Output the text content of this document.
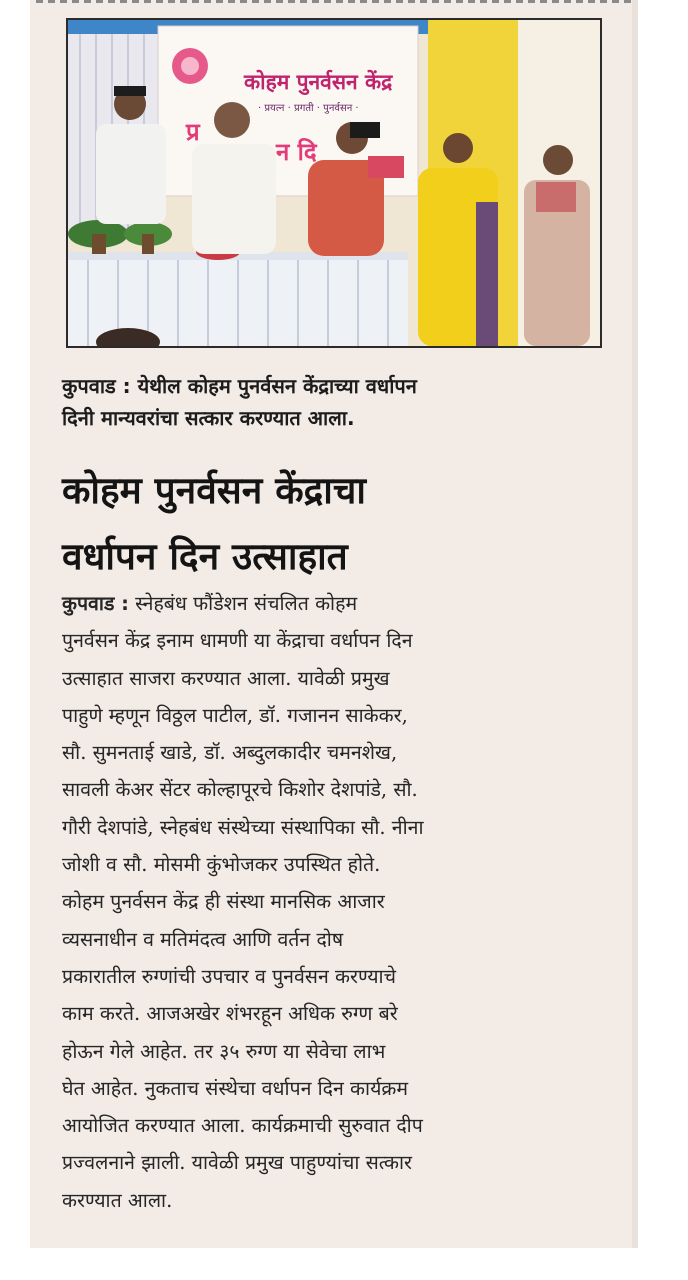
प्र
न दि
कोहम पुनर्वसन केंद्र
· प्रयत्न · प्रगती · पुनर्वसन ·
कुपवाड : येथील कोहम पुनर्वसन केंद्राच्या वर्धापन
दिनी मान्यवरांचा सत्कार करण्यात आला.
कोहम पुनर्वसन केंद्राचा
वर्धापन दिन उत्साहात
कुपवाड : स्नेहबंध फौंडेशन संचलित कोहम
पुनर्वसन केंद्र इनाम धामणी या केंद्राचा वर्धापन दिन
उत्साहात साजरा करण्यात आला. यावेळी प्रमुख
पाहुणे म्हणून विठ्ठल पाटील, डॉ. गजानन साकेकर,
सौ. सुमनताई खाडे, डॉ. अब्दुलकादीर चमनशेख,
सावली केअर सेंटर कोल्हापूरचे किशोर देशपांडे, सौ.
गौरी देशपांडे, स्नेहबंध संस्थेच्या संस्थापिका सौ. नीना
जोशी व सौ. मोसमी कुंभोजकर उपस्थित होते.
कोहम पुनर्वसन केंद्र ही संस्था मानसिक आजार
व्यसनाधीन व मतिमंदत्व आणि वर्तन दोष
प्रकारातील रुग्णांची उपचार व पुनर्वसन करण्याचे
काम करते. आजअखेर शंभरहून अधिक रुग्ण बरे
होऊन गेले आहेत. तर ३५ रुग्ण या सेवेचा लाभ
घेत आहेत. नुकताच संस्थेचा वर्धापन दिन कार्यक्रम
आयोजित करण्यात आला. कार्यक्रमाची सुरुवात दीप
प्रज्वलनाने झाली. यावेळी प्रमुख पाहुण्यांचा सत्कार
करण्यात आला.
